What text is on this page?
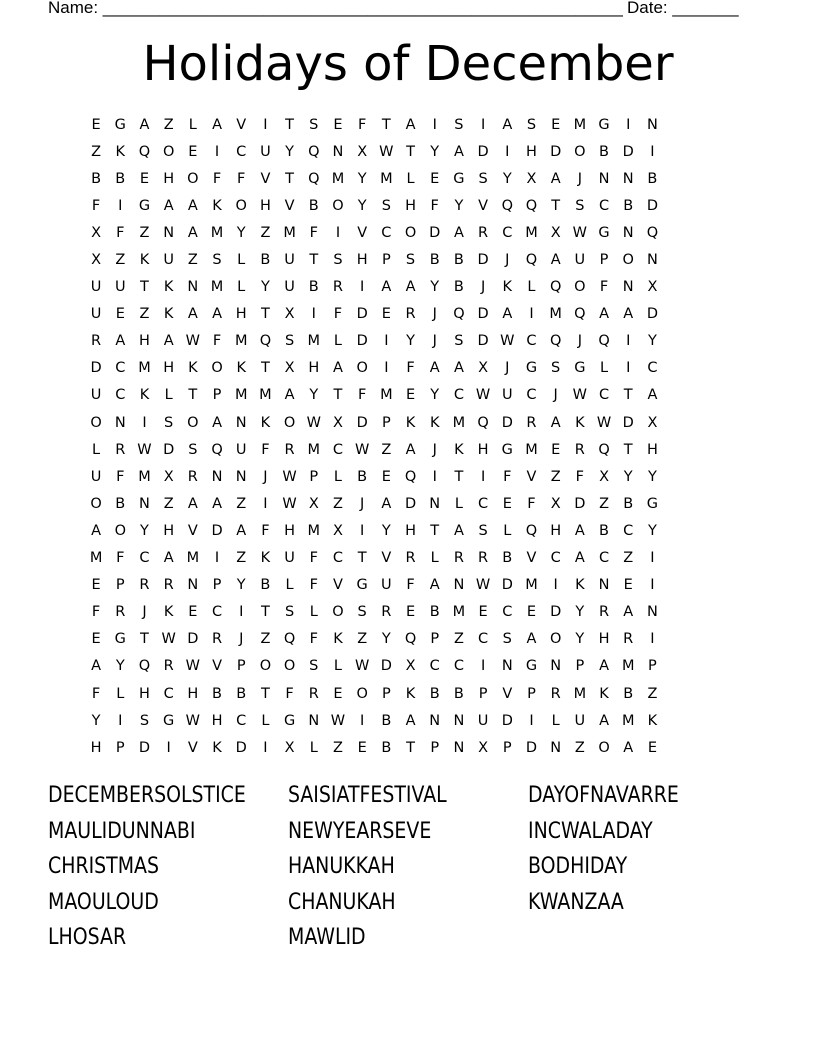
Name: _______________________________________________________ Date: _______
Holidays of December
E G A Z	L	A V	I	T	S	E	F	T	A	I	S	I	A	S	E M G	I	N
Z K Q O E	I	C U Y Q N X W T	Y	A D	I	H D O B D	I
B B	E H O F	F	V	T Q M Y M L	E G S	Y	X A	J	N N B
F	I	G A A K O H V B O Y	S H	F	Y	V Q Q T	S	C B D
X	F	Z N A M Y	Z M F	I	V C O D A R C M X W G N Q
X Z K U Z	S	L	B U T	S H P	S	B B D	J	Q A U	P O N
U U T	K N M L	Y U B R	I	A A	Y	B	J	K	L Q O F	N X
U E	Z K A A H T	X	I	F D E	R	J	Q D A	I	M Q A A D
R A H A W F M Q S M L	D	I	Y	J	S D W C Q	J	Q	I	Y
D C M H K O K	T	X H A O	I	F	A A X	J	G S G	L	I	C
U C K	L	T	P M M A	Y	T	F M E	Y	C W U C	J	W C	T	A
O N	I	S O A N K O W X D P	K	K M Q D R A K W D X
L	R W D S Q U	F	R M C W Z A	J	K H G M E	R Q T H
U	F M X R N N	J	W P	L	B	E Q	I	T	I	F	V Z	F	X	Y	Y
O B N Z A A Z	I	W X Z	J	A D N	L	C	E	F	X D Z B G
A O Y H V D A	F	H M X	I	Y H T	A	S	L Q H A B C	Y
M F	C A M	I	Z K U	F	C	T	V R	L	R R B V C A C Z	I
E	P	R R N P	Y	B	L	F	V G U	F	A N W D M	I	K N E	I
F	R	J	K	E	C	I	T	S	L O S	R	E	B M E	C	E D Y	R A N
E G T W D R	J	Z Q F	K Z	Y Q P	Z C	S	A O Y H R	I
A	Y Q R W V	P O O S	L W D X C C	I	N G N P	A M P
F	L	H C H B B	T	F	R	E O P	K B B	P	V	P	R M K B Z
Y	I	S G W H C	L	G N W	I	B A N N U D	I	L	U A M K
H P D	I	V K D	I	X	L	Z	E	B	T	P N X	P D N Z O A	E
DECEMBERSOLSTICE	SAISIATFESTIVAL	DAYOFNAVARRE
MAULIDUNNABI	NEWYEARSEVE	INCWALADAY
CHRISTMAS	HANUKKAH	BODHIDAY
MAOULOUD	CHANUKAH	KWANZAA
LHOSAR	MAWLID
